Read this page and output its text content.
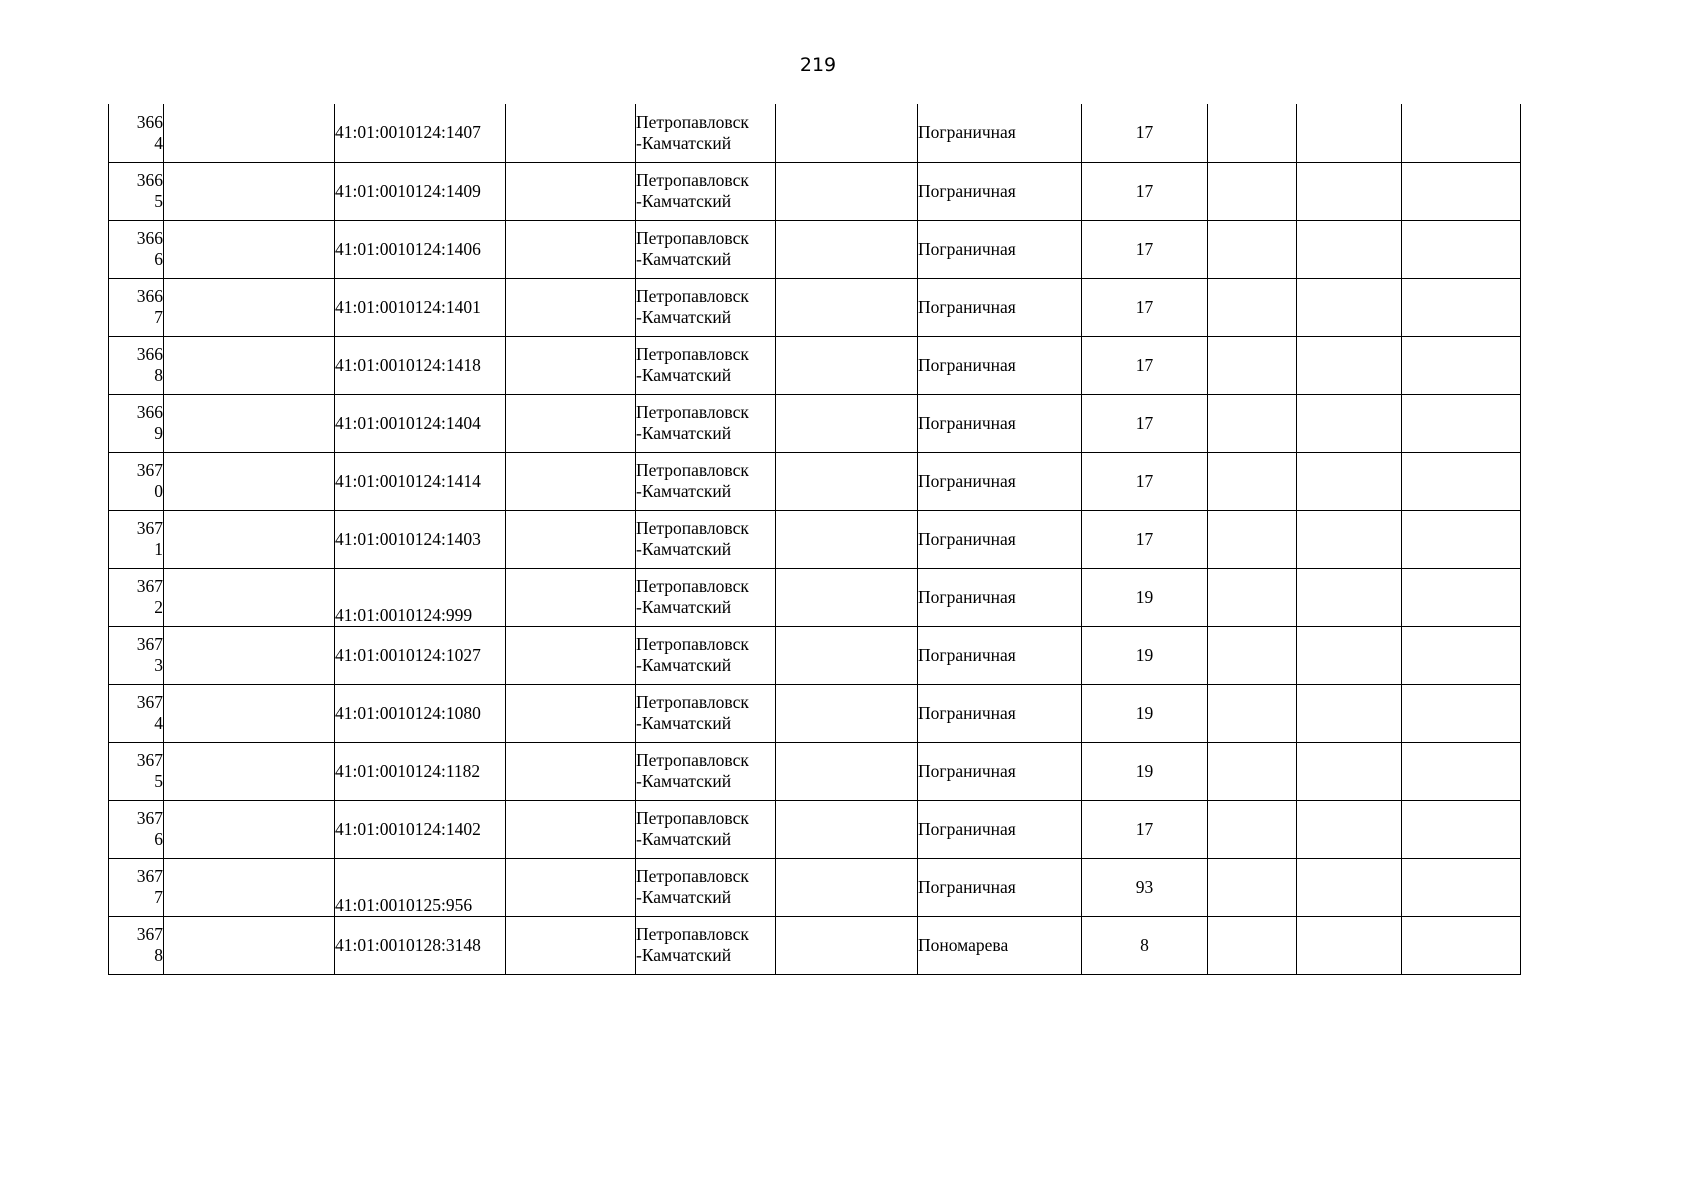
219
3664		41:01:0010124:1407		Петропавловск-Камчатский		Пограничная	17			

3665		41:01:0010124:1409		Петропавловск-Камчатский		Пограничная	17			

3666		41:01:0010124:1406		Петропавловск-Камчатский		Пограничная	17			

3667		41:01:0010124:1401		Петропавловск-Камчатский		Пограничная	17			

3668		41:01:0010124:1418		Петропавловск-Камчатский		Пограничная	17			

3669		41:01:0010124:1404		Петропавловск-Камчатский		Пограничная	17			

3670		41:01:0010124:1414		Петропавловск-Камчатский		Пограничная	17			

3671		41:01:0010124:1403		Петропавловск-Камчатский		Пограничная	17			

3672		41:01:0010124:999		Петропавловск-Камчатский		Пограничная	19			

3673		41:01:0010124:1027		Петропавловск-Камчатский		Пограничная	19			

3674		41:01:0010124:1080		Петропавловск-Камчатский		Пограничная	19			

3675		41:01:0010124:1182		Петропавловск-Камчатский		Пограничная	19			

3676		41:01:0010124:1402		Петропавловск-Камчатский		Пограничная	17			

3677		41:01:0010125:956		Петропавловск-Камчатский		Пограничная	93			

3678		41:01:0010128:3148		Петропавловск-Камчатский		Пономарева	8			
